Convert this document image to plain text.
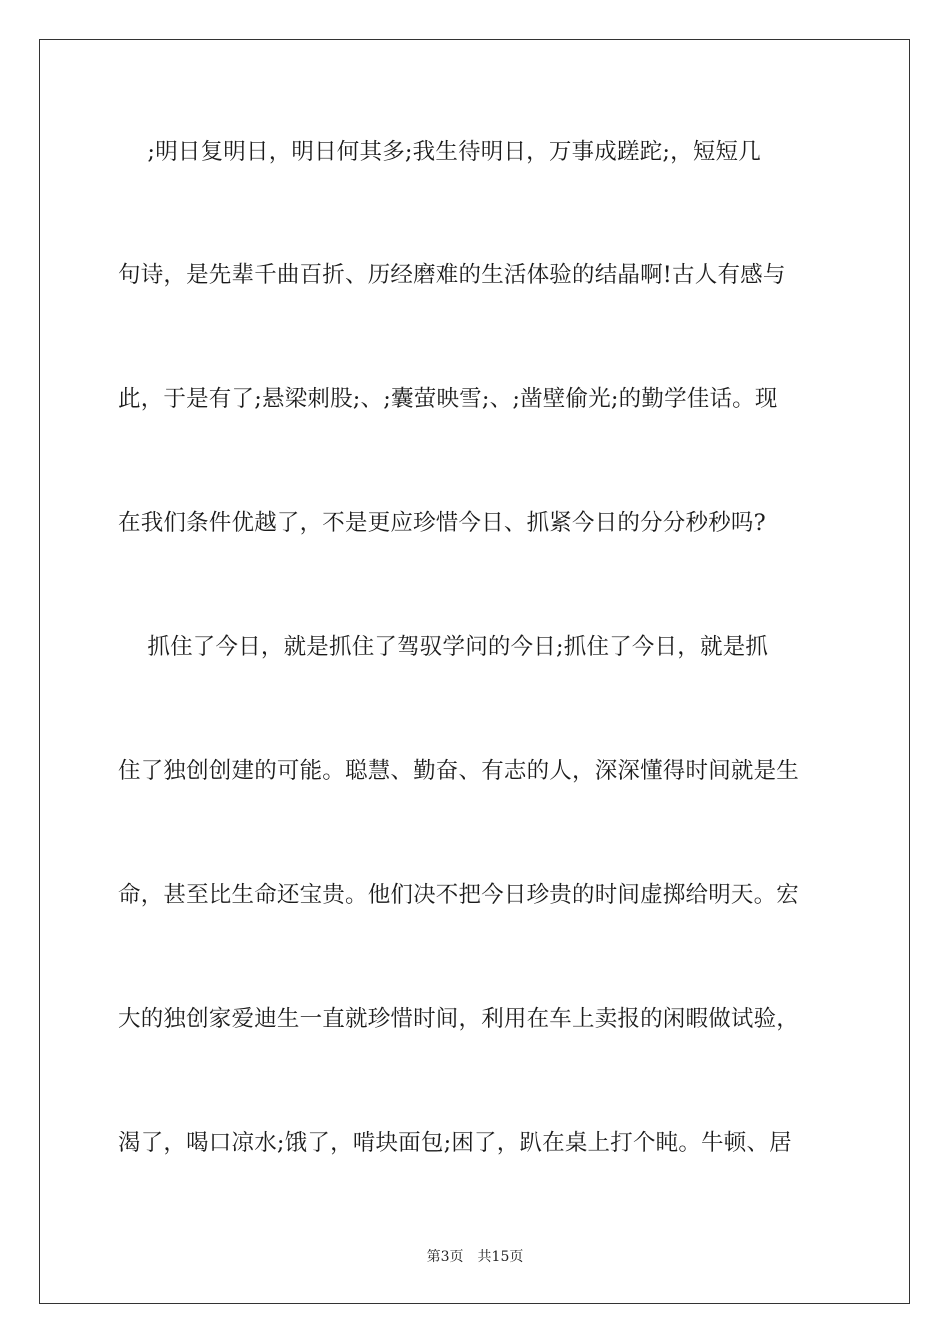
;明日复明日，明日何其多;我生待明日，万事成蹉跎;，短短几
句诗，是先辈千曲百折、历经磨难的生活体验的结晶啊!古人有感与
此，于是有了;悬梁刺股;、;囊萤映雪;、;凿壁偷光;的勤学佳话。现
在我们条件优越了，不是更应珍惜今日、抓紧今日的分分秒秒吗?
抓住了今日，就是抓住了驾驭学问的今日;抓住了今日，就是抓
住了独创创建的可能。聪慧、勤奋、有志的人，深深懂得时间就是生
命，甚至比生命还宝贵。他们决不把今日珍贵的时间虚掷给明天。宏
大的独创家爱迪生一直就珍惜时间，利用在车上卖报的闲暇做试验，
渴了，喝口凉水;饿了，啃块面包;困了，趴在桌上打个盹。牛顿、居
第3页 共15页
